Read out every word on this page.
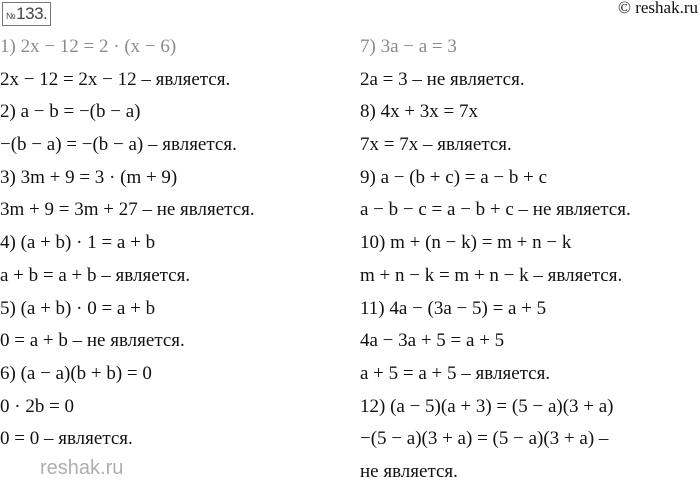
№133.	© reshak.ru
1) 2x − 12 = 2 · (x − 6)
2x − 12 = 2x − 12 – является.
2) a − b = −(b − a)
−(b − a) = −(b − a) – является.
3) 3m + 9 = 3 · (m + 9)
3m + 9 = 3m + 27 – не является.
4) (a + b) · 1 = a + b
a + b = a + b – является.
5) (a + b) · 0 = a + b
0 = a + b – не является.
6) (a − a)(b + b) = 0
0 · 2b = 0
0 = 0 – является.
7) 3a − a = 3
2a = 3 – не является.
8) 4x + 3x = 7x
7x = 7x – является.
9) a − (b + c) = a − b + c
a − b − c = a − b + c – не является.
10) m + (n − k) = m + n − k
m + n − k = m + n − k – является.
11) 4a − (3a − 5) = a + 5
4a − 3a + 5 = a + 5
a + 5 = a + 5 – является.
12) (a − 5)(a + 3) = (5 − a)(3 + a)
−(5 − a)(3 + a) = (5 − a)(3 + a) –
не является.
reshak.ru
